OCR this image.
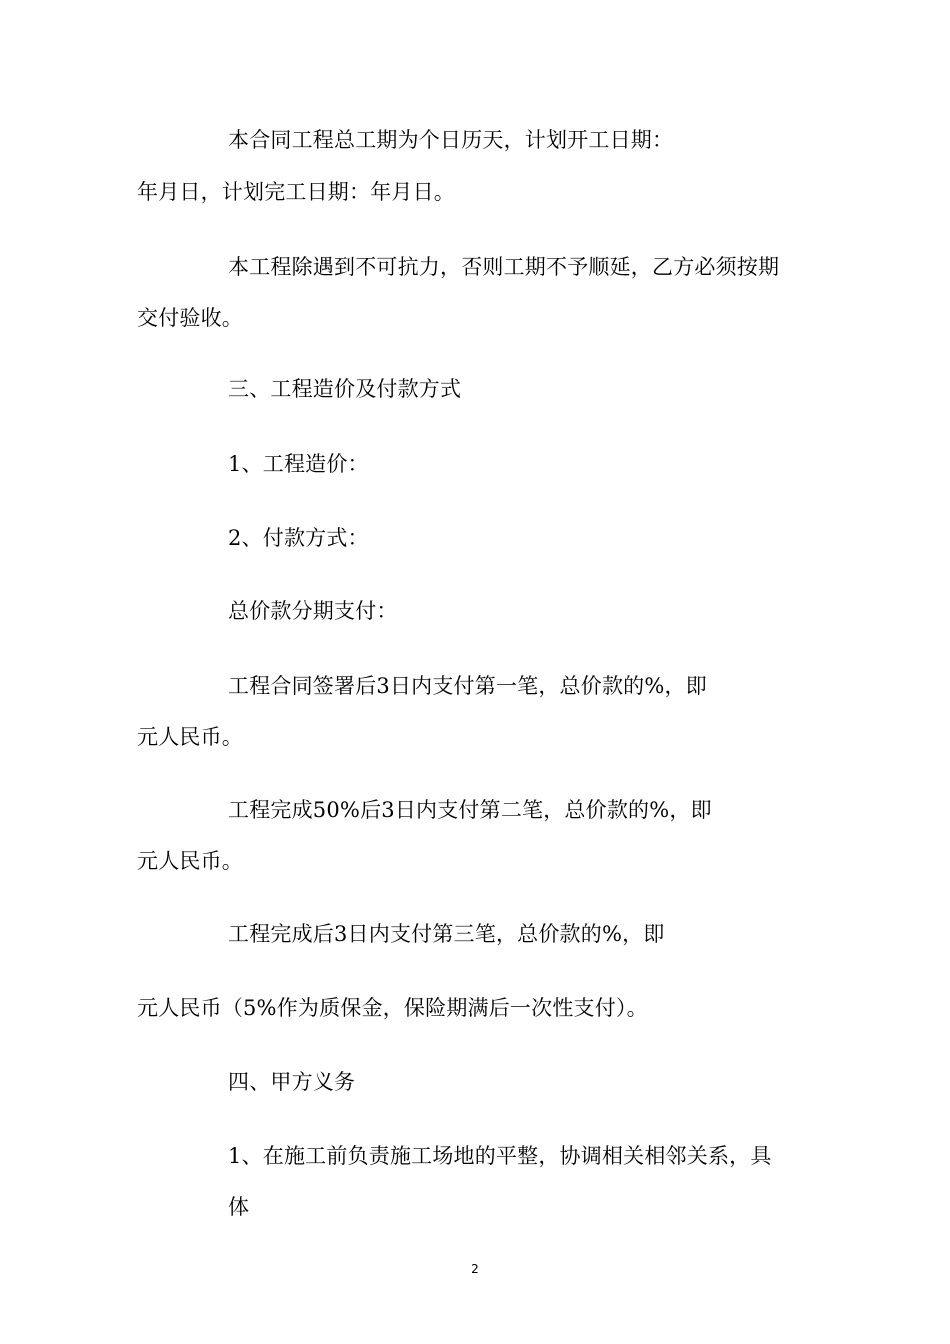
本合同工程总工期为个日历天，计划开工日期：
年月日，计划完工日期：年月日。
本工程除遇到不可抗力，否则工期不予顺延，乙方必须按期
交付验收。
三、工程造价及付款方式
1、工程造价：
2、付款方式：
总价款分期支付：
工程合同签署后3日内支付第一笔，总价款的%，即
元人民币。
工程完成50%后3日内支付第二笔，总价款的%，即
元人民币。
工程完成后3日内支付第三笔，总价款的%，即
元人民币（5%作为质保金，保险期满后一次性支付）。
四、甲方义务
1、在施工前负责施工场地的平整，协调相关相邻关系，具
体
2
